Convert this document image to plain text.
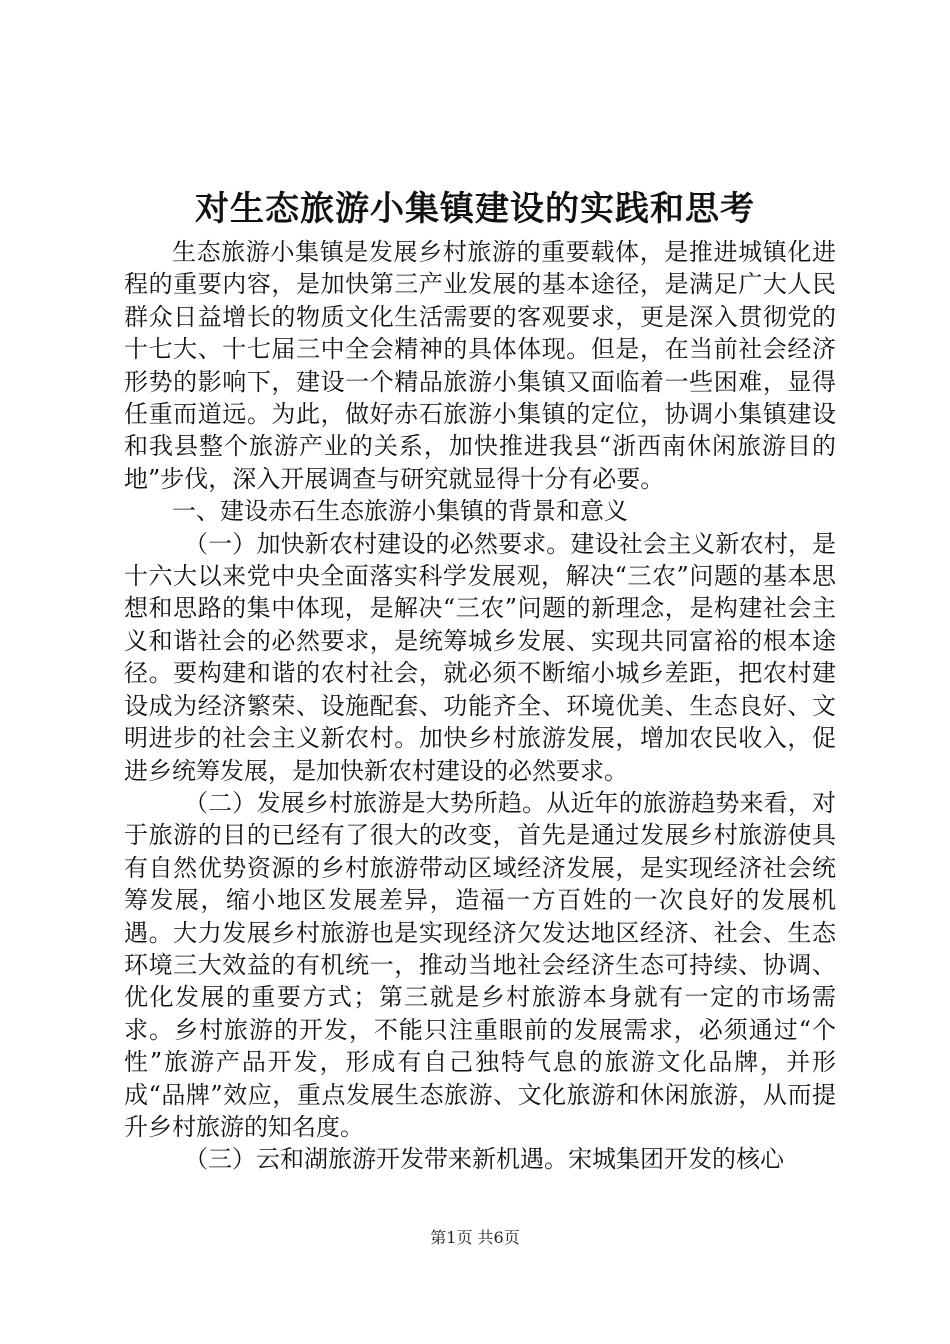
对生态旅游小集镇建设的实践和思考

生态旅游小集镇是发展乡村旅游的重要载体，是推进城镇化进程的重要内容，是加快第三产业发展的基本途径，是满足广大人民群众日益增长的物质文化生活需要的客观要求，更是深入贯彻党的十七大、十七届三中全会精神的具体体现。但是，在当前社会经济形势的影响下，建设一个精品旅游小集镇又面临着一些困难，显得任重而道远。为此，做好赤石旅游小集镇的定位，协调小集镇建设和我县整个旅游产业的关系，加快推进我县“浙西南休闲旅游目的地”步伐，深入开展调查与研究就显得十分有必要。

一、建设赤石生态旅游小集镇的背景和意义

（一）加快新农村建设的必然要求。建设社会主义新农村，是十六大以来党中央全面落实科学发展观，解决“三农”问题的基本思想和思路的集中体现，是解决“三农”问题的新理念，是构建社会主义和谐社会的必然要求，是统筹城乡发展、实现共同富裕的根本途径。要构建和谐的农村社会，就必须不断缩小城乡差距，把农村建设成为经济繁荣、设施配套、功能齐全、环境优美、生态良好、文明进步的社会主义新农村。加快乡村旅游发展，增加农民收入，促进乡统筹发展，是加快新农村建设的必然要求。

（二）发展乡村旅游是大势所趋。从近年的旅游趋势来看，对于旅游的目的已经有了很大的改变，首先是通过发展乡村旅游使具有自然优势资源的乡村旅游带动区域经济发展，是实现经济社会统筹发展，缩小地区发展差异，造福一方百姓的一次良好的发展机遇。大力发展乡村旅游也是实现经济欠发达地区经济、社会、生态环境三大效益的有机统一，推动当地社会经济生态可持续、协调、优化发展的重要方式；第三就是乡村旅游本身就有一定的市场需求。乡村旅游的开发，不能只注重眼前的发展需求，必须通过“个性”旅游产品开发，形成有自己独特气息的旅游文化品牌，并形成“品牌”效应，重点发展生态旅游、文化旅游和休闲旅游，从而提升乡村旅游的知名度。

（三）云和湖旅游开发带来新机遇。宋城集团开发的核心

第1页 共6页
